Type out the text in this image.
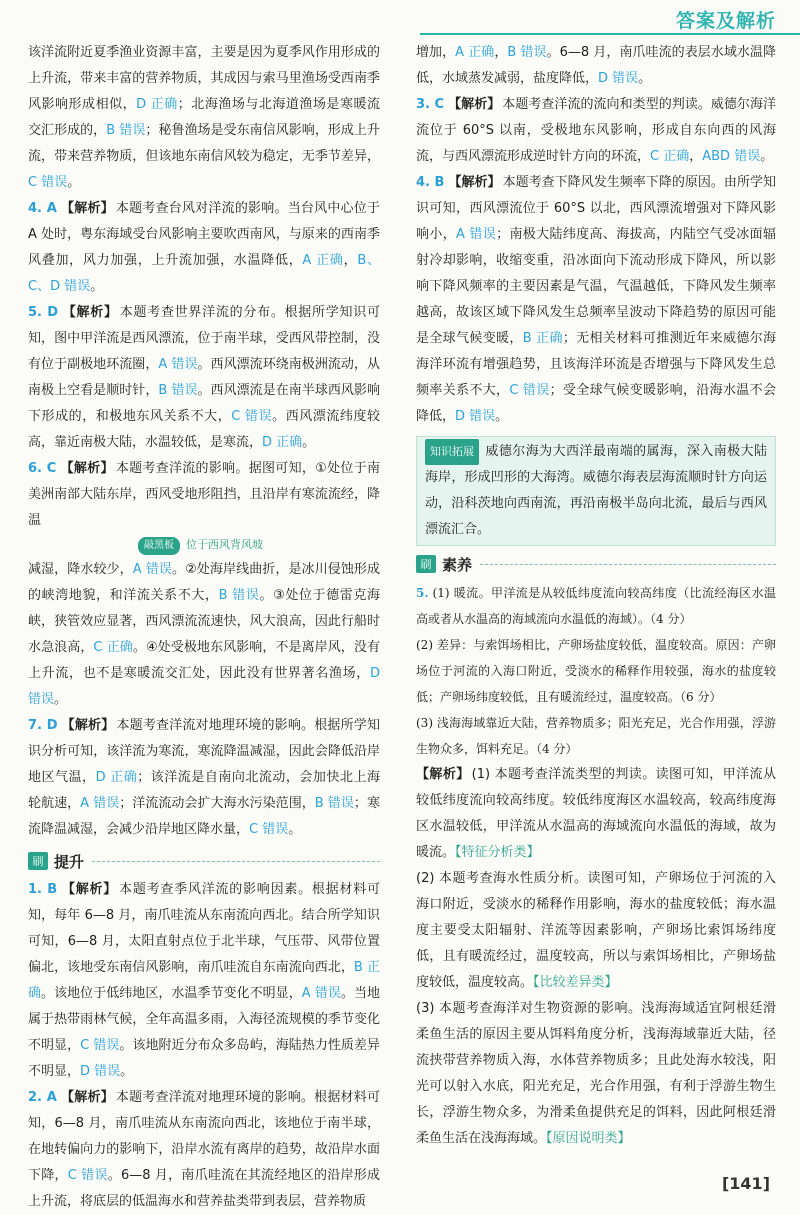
答案及解析

该洋流附近夏季渔业资源丰富，主要是因为夏季风作用形成的上升流，带来丰富的营养物质，其成因与索马里渔场受西南季风影响形成相似，D 正确；北海渔场与北海道渔场是寒暖流交汇形成的，B 错误；秘鲁渔场是受东南信风影响，形成上升流，带来营养物质，但该地东南信风较为稳定，无季节差异，C 错误。

4. A 【解析】 本题考查台风对洋流的影响。当台风中心位于 A 处时，粤东海域受台风影响主要吹西南风，与原来的西南季风叠加，风力加强，上升流加强，水温降低，A 正确，B、C、D 错误。

5. D 【解析】 本题考查世界洋流的分布。根据所学知识可知，图中甲洋流是西风漂流，位于南半球，受西风带控制，没有位于副极地环流圈，A 错误。西风漂流环绕南极洲流动，从南极上空看是顺时针，B 错误。西风漂流是在南半球西风影响下形成的，和极地东风关系不大，C 错误。西风漂流纬度较高，靠近南极大陆，水温较低，是寒流，D 正确。

6. C 【解析】 本题考查洋流的影响。据图可知，①处位于南美洲南部大陆东岸，西风受地形阻挡，且沿岸有寒流流经，降温

敲黑板 位于西风背风坡

减湿，降水较少，A 错误。②处海岸线曲折，是冰川侵蚀形成的峡湾地貌，和洋流关系不大，B 错误。③处位于德雷克海峡，狭管效应显著，西风漂流流速快，风大浪高，因此行船时水急浪高，C 正确。④处受极地东风影响，不是离岸风，没有上升流，也不是寒暖流交汇处，因此没有世界著名渔场，D 错误。

7. D 【解析】 本题考查洋流对地理环境的影响。根据所学知识分析可知，该洋流为寒流，寒流降温减湿，因此会降低沿岸地区气温，D 正确；该洋流是自南向北流动，会加快北上海轮航速，A 错误；洋流流动会扩大海水污染范围，B 错误；寒流降温减湿，会减少沿岸地区降水量，C 错误。

刷 提升

1. B 【解析】 本题考查季风洋流的影响因素。根据材料可知，每年 6—8 月，南爪哇流从东南流向西北。结合所学知识可知，6—8 月，太阳直射点位于北半球，气压带、风带位置偏北，该地受东南信风影响，南爪哇流自东南流向西北，B 正确。该地位于低纬地区，水温季节变化不明显，A 错误。当地属于热带雨林气候，全年高温多雨，入海径流规模的季节变化不明显，C 错误。该地附近分布众多岛屿，海陆热力性质差异不明显，D 错误。

2. A 【解析】 本题考查洋流对地理环境的影响。根据材料可知，6—8 月，南爪哇流从东南流向西北，该地位于南半球，在地转偏向力的影响下，沿岸水流有离岸的趋势，故沿岸水面下降，C 错误。6—8 月，南爪哇流在其流经地区的沿岸形成上升流，将底层的低温海水和营养盐类带到表层，营养物质

增加，A 正确，B 错误。6—8 月，南爪哇流的表层水域水温降低，水域蒸发减弱，盐度降低，D 错误。

3. C 【解析】 本题考查洋流的流向和类型的判读。威德尔海洋流位于 60°S 以南，受极地东风影响，形成自东向西的风海流，与西风漂流形成逆时针方向的环流，C 正确，ABD 错误。

4. B 【解析】 本题考查下降风发生频率下降的原因。由所学知识可知，西风漂流位于 60°S 以北，西风漂流增强对下降风影响小，A 错误；南极大陆纬度高、海拔高，内陆空气受冰面辐射冷却影响，收缩变重，沿冰面向下流动形成下降风，所以影响下降风频率的主要因素是气温，气温越低，下降风发生频率越高，故该区域下降风发生总频率呈波动下降趋势的原因可能是全球气候变暖，B 正确；无相关材料可推测近年来威德尔海海洋环流有增强趋势，且该海洋环流是否增强与下降风发生总频率关系不大，C 错误；受全球气候变暖影响，沿海水温不会降低，D 错误。

知识拓展 威德尔海为大西洋最南端的属海，深入南极大陆海岸，形成凹形的大海湾。威德尔海表层海流顺时针方向运动，沿科茨地向西南流，再沿南极半岛向北流，最后与西风漂流汇合。

刷 素养

5. (1) 暖流。甲洋流是从较低纬度流向较高纬度（比流经海区水温高或者从水温高的海域流向水温低的海域）。（4 分）

(2) 差异：与索饵场相比，产卵场盐度较低，温度较高。原因：产卵场位于河流的入海口附近，受淡水的稀释作用较强，海水的盐度较低；产卵场纬度较低，且有暖流经过，温度较高。（6 分）

(3) 浅海海域靠近大陆，营养物质多；阳光充足，光合作用强，浮游生物众多，饵料充足。（4 分）

【解析】 (1) 本题考查洋流类型的判读。读图可知，甲洋流从较低纬度流向较高纬度。较低纬度海区水温较高，较高纬度海区水温较低，甲洋流从水温高的海域流向水温低的海域，故为暖流。【特征分析类】

(2) 本题考查海水性质分析。读图可知，产卵场位于河流的入海口附近，受淡水的稀释作用影响，海水的盐度较低；海水温度主要受太阳辐射、洋流等因素影响，产卵场比索饵场纬度低，且有暖流经过，温度较高，所以与索饵场相比，产卵场盐度较低，温度较高。【比较差异类】

(3) 本题考查海洋对生物资源的影响。浅海海域适宜阿根廷滑柔鱼生活的原因主要从饵料角度分析，浅海海域靠近大陆，径流挟带营养物质入海，水体营养物质多；且此处海水较浅，阳光可以射入水底，阳光充足，光合作用强，有利于浮游生物生长，浮游生物众多，为滑柔鱼提供充足的饵料，因此阿根廷滑柔鱼生活在浅海海域。【原因说明类】

[141]
